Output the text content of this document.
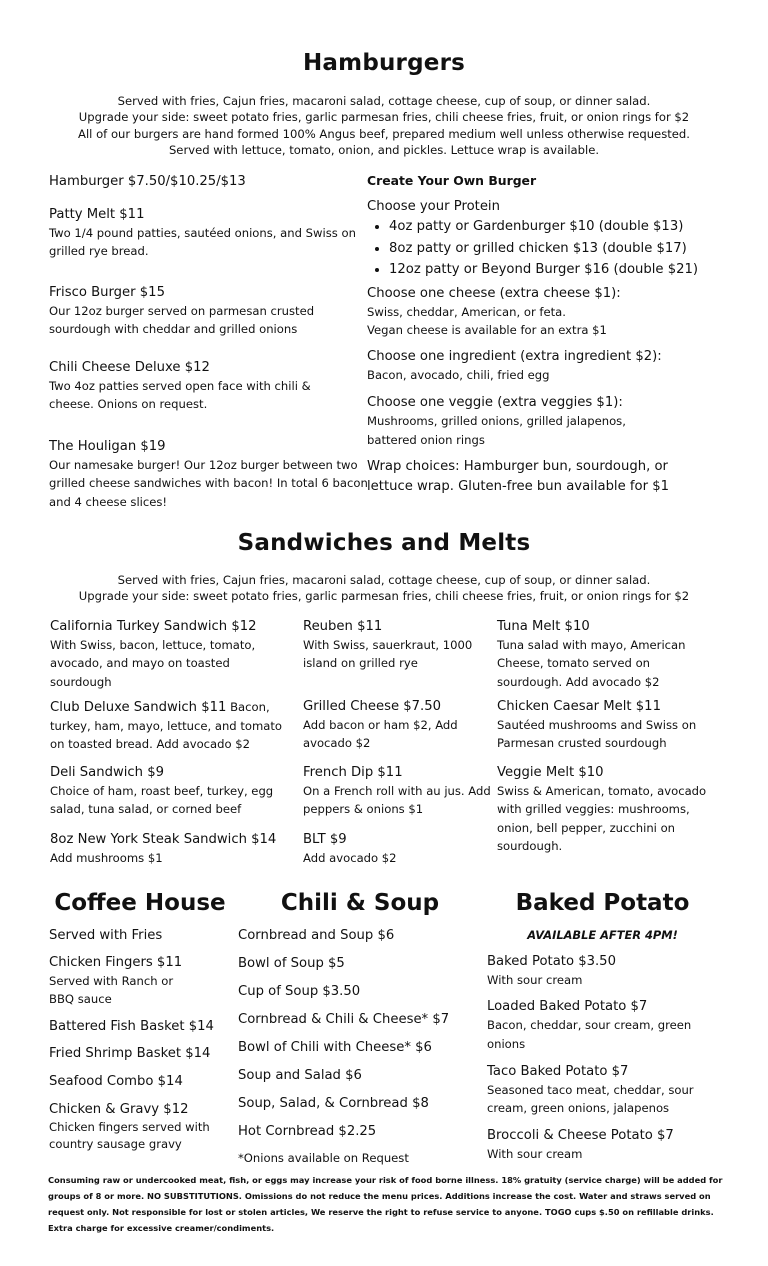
Hamburgers
Served with fries, Cajun fries, macaroni salad, cottage cheese, cup of soup, or dinner salad.
Upgrade your side: sweet potato fries, garlic parmesan fries, chili cheese fries, fruit, or onion rings for $2
All of our burgers are hand formed 100% Angus beef, prepared medium well unless otherwise requested.
Served with lettuce, tomato, onion, and pickles. Lettuce wrap is available.
Hamburger $7.50/$10.25/$13
Patty Melt $11
Two 1/4 pound patties, sautéed onions, and Swiss on grilled rye bread.
Frisco Burger $15
Our 12oz burger served on parmesan crusted sourdough with cheddar and grilled onions
Chili Cheese Deluxe $12
Two 4oz patties served open face with chili & cheese. Onions on request.
The Houligan $19
Our namesake burger! Our 12oz burger between two grilled cheese sandwiches with bacon! In total 6 bacon and 4 cheese slices!
Create Your Own Burger
Choose your Protein
• 4oz patty or Gardenburger $10 (double $13)
• 8oz patty or grilled chicken $13 (double $17)
• 12oz patty or Beyond Burger $16 (double $21)
Choose one cheese (extra cheese $1):
Swiss, cheddar, American, or feta.
Vegan cheese is available for an extra $1
Choose one ingredient (extra ingredient $2):
Bacon, avocado, chili, fried egg
Choose one veggie (extra veggies $1):
Mushrooms, grilled onions, grilled jalapenos, battered onion rings
Wrap choices: Hamburger bun, sourdough, or lettuce wrap. Gluten-free bun available for $1
Sandwiches and Melts
Served with fries, Cajun fries, macaroni salad, cottage cheese, cup of soup, or dinner salad.
Upgrade your side: sweet potato fries, garlic parmesan fries, chili cheese fries, fruit, or onion rings for $2
California Turkey Sandwich $12
With Swiss, bacon, lettuce, tomato, avocado, and mayo on toasted sourdough
Club Deluxe Sandwich $11 Bacon, turkey, ham, mayo, lettuce, and tomato on toasted bread. Add avocado $2
Deli Sandwich $9
Choice of ham, roast beef, turkey, egg salad, tuna salad, or corned beef
8oz New York Steak Sandwich $14
Add mushrooms $1
Reuben $11
With Swiss, sauerkraut, 1000 island on grilled rye
Grilled Cheese $7.50
Add bacon or ham $2, Add avocado $2
French Dip $11
On a French roll with au jus. Add peppers & onions $1
BLT $9
Add avocado $2
Tuna Melt $10
Tuna salad with mayo, American Cheese, tomato served on sourdough. Add avocado $2
Chicken Caesar Melt $11
Sautéed mushrooms and Swiss on Parmesan crusted sourdough
Veggie Melt $10
Swiss & American, tomato, avocado with grilled veggies: mushrooms, onion, bell pepper, zucchini on sourdough.
Coffee House	Chili & Soup	Baked Potato
Served with Fries
Chicken Fingers $11
Served with Ranch or BBQ sauce
Battered Fish Basket $14
Fried Shrimp Basket $14
Seafood Combo $14
Chicken & Gravy $12
Chicken fingers served with country sausage gravy
Cornbread and Soup $6
Bowl of Soup $5
Cup of Soup $3.50
Cornbread & Chili & Cheese* $7
Bowl of Chili with Cheese* $6
Soup and Salad $6
Soup, Salad, & Cornbread $8
Hot Cornbread $2.25
*Onions available on Request
AVAILABLE AFTER 4PM!
Baked Potato $3.50
With sour cream
Loaded Baked Potato $7
Bacon, cheddar, sour cream, green onions
Taco Baked Potato $7
Seasoned taco meat, cheddar, sour cream, green onions, jalapenos
Broccoli & Cheese Potato $7
With sour cream
Consuming raw or undercooked meat, fish, or eggs may increase your risk of food borne illness. 18% gratuity (service charge) will be added for groups of 8 or more. NO SUBSTITUTIONS. Omissions do not reduce the menu prices. Additions increase the cost. Water and straws served on request only. Not responsible for lost or stolen articles, We reserve the right to refuse service to anyone. TOGO cups $.50 on refillable drinks. Extra charge for excessive creamer/condiments.
